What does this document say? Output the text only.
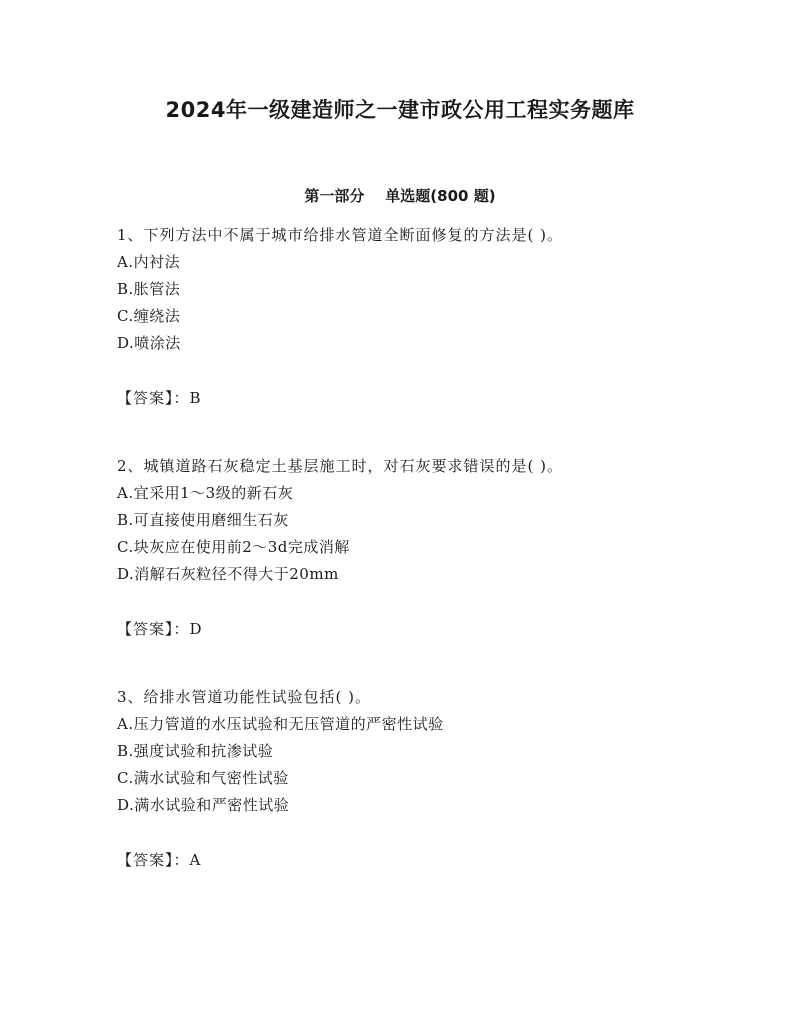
2024年一级建造师之一建市政公用工程实务题库
第一部分    单选题(800 题)

1、下列方法中不属于城市给排水管道全断面修复的方法是( )。

A.内衬法

B.胀管法

C.缠绕法

D.喷涂法

【答案】：B

2、城镇道路石灰稳定土基层施工时，对石灰要求错误的是( )。

A.宜采用1～3级的新石灰

B.可直接使用磨细生石灰

C.块灰应在使用前2～3d完成消解

D.消解石灰粒径不得大于20mm

【答案】：D

3、给排水管道功能性试验包括( )。

A.压力管道的水压试验和无压管道的严密性试验

B.强度试验和抗渗试验

C.满水试验和气密性试验

D.满水试验和严密性试验

【答案】：A
